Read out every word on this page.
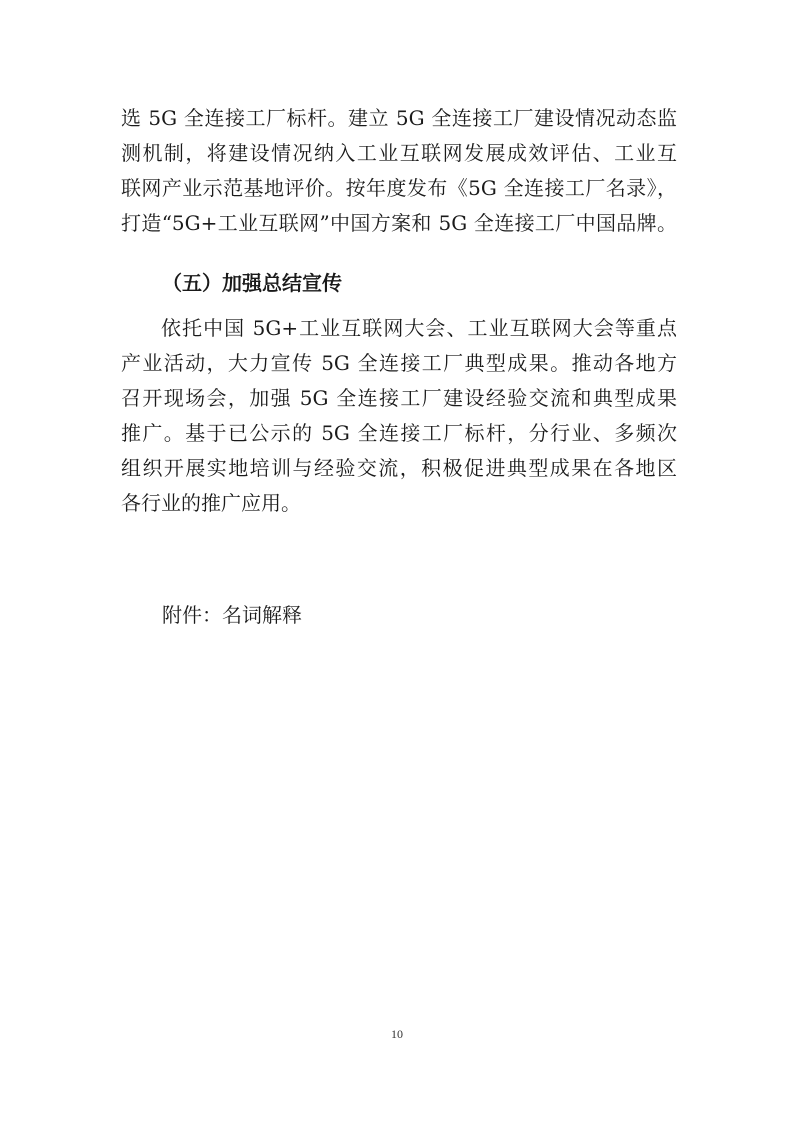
选 5G 全连接工厂标杆。建立 5G 全连接工厂建设情况动态监
测机制，将建设情况纳入工业互联网发展成效评估、工业互
联网产业示范基地评价。按年度发布《5G 全连接工厂名录》，
打造“5G+工业互联网”中国方案和 5G 全连接工厂中国品牌。
（五）加强总结宣传
依托中国 5G+工业互联网大会、工业互联网大会等重点
产业活动，大力宣传 5G 全连接工厂典型成果。推动各地方
召开现场会，加强 5G 全连接工厂建设经验交流和典型成果
推广。基于已公示的 5G 全连接工厂标杆，分行业、多频次
组织开展实地培训与经验交流，积极促进典型成果在各地区
各行业的推广应用。
附件：名词解释
10
